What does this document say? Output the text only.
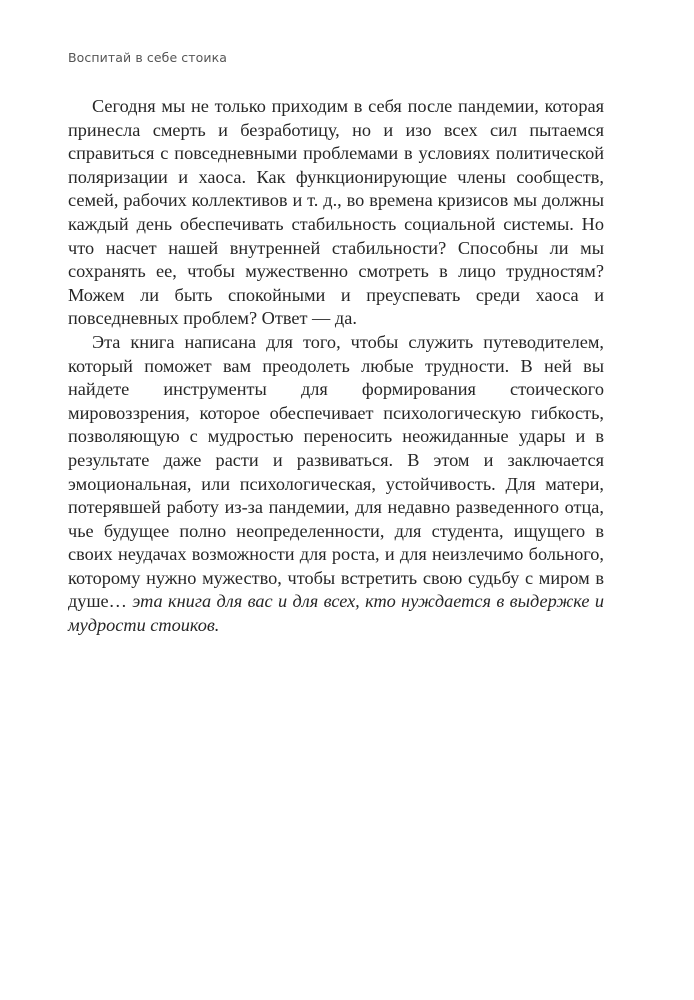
Воспитай в себе стоика

Сегодня мы не только приходим в себя после пандемии, которая принесла смерть и безработицу, но и изо всех сил пытаемся справиться с повседневными проблемами в условиях политической поляризации и хаоса. Как функционирующие члены сообществ, семей, рабочих коллективов и т. д., во времена кризисов мы должны каждый день обеспечивать стабильность социальной системы. Но что насчет нашей внутренней стабильности? Способны ли мы сохранять ее, чтобы мужественно смотреть в лицо трудностям? Можем ли быть спокойными и преуспевать среди хаоса и повседневных проблем? Ответ — да.

Эта книга написана для того, чтобы служить путеводителем, который поможет вам преодолеть любые трудности. В ней вы найдете инструменты для формирования стоического мировоззрения, которое обеспечивает психологическую гибкость, позволяющую с мудростью переносить неожиданные удары и в результате даже расти и развиваться. В этом и заключается эмоциональная, или психологическая, устойчивость. Для матери, потерявшей работу из-за пандемии, для недавно разведенного отца, чье будущее полно неопределенности, для студента, ищущего в своих неудачах возможности для роста, и для неизлечимо больного, которому нужно мужество, чтобы встретить свою судьбу с миром в душе… эта книга для вас и для всех, кто нуждается в выдержке и мудрости стоиков.
